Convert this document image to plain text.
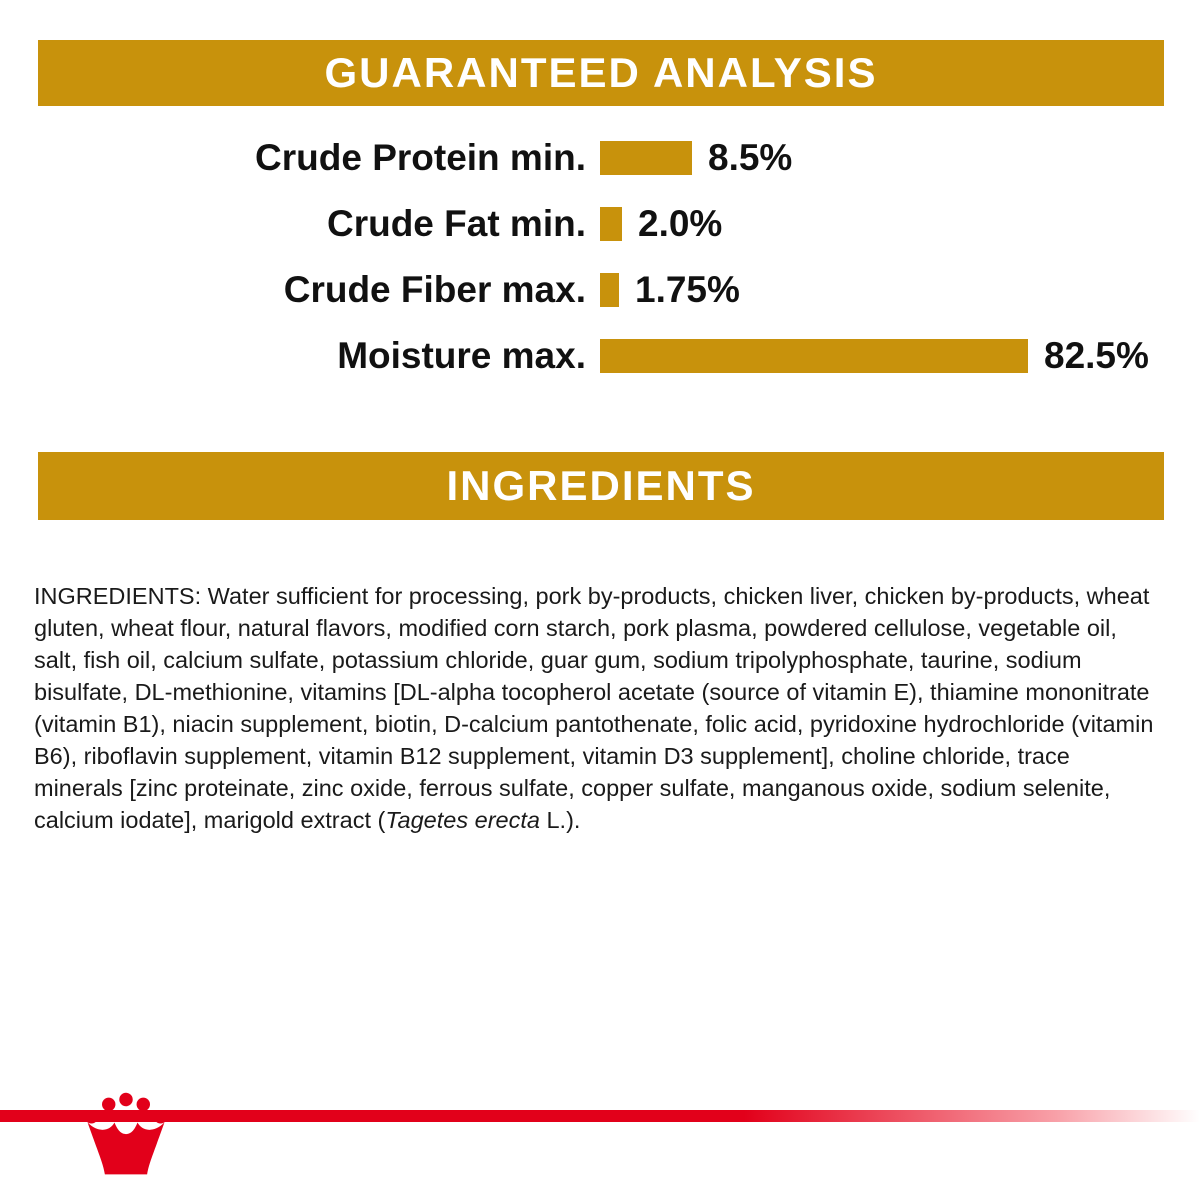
GUARANTEED ANALYSIS
Crude Protein min.	8.5%
Crude Fat min.	2.0%
Crude Fiber max.	1.75%
Moisture max.	82.5%
INGREDIENTS

INGREDIENTS: Water sufficient for processing, pork by-products, chicken liver, chicken by-products, wheat gluten, wheat flour, natural flavors, modified corn starch, pork plasma, powdered cellulose, vegetable oil, salt, fish oil, calcium sulfate, potassium chloride, guar gum, sodium tripolyphosphate, taurine, sodium bisulfate, DL-methionine, vitamins [DL-alpha tocopherol acetate (source of vitamin E), thiamine mononitrate (vitamin B1), niacin supplement, biotin, D-calcium pantothenate, folic acid, pyridoxine hydrochloride (vitamin B6), riboflavin supplement, vitamin B12 supplement, vitamin D3 supplement], choline chloride, trace minerals [zinc proteinate, zinc oxide, ferrous sulfate, copper sulfate, manganous oxide, sodium selenite, calcium iodate], marigold extract (Tagetes erecta L.).
